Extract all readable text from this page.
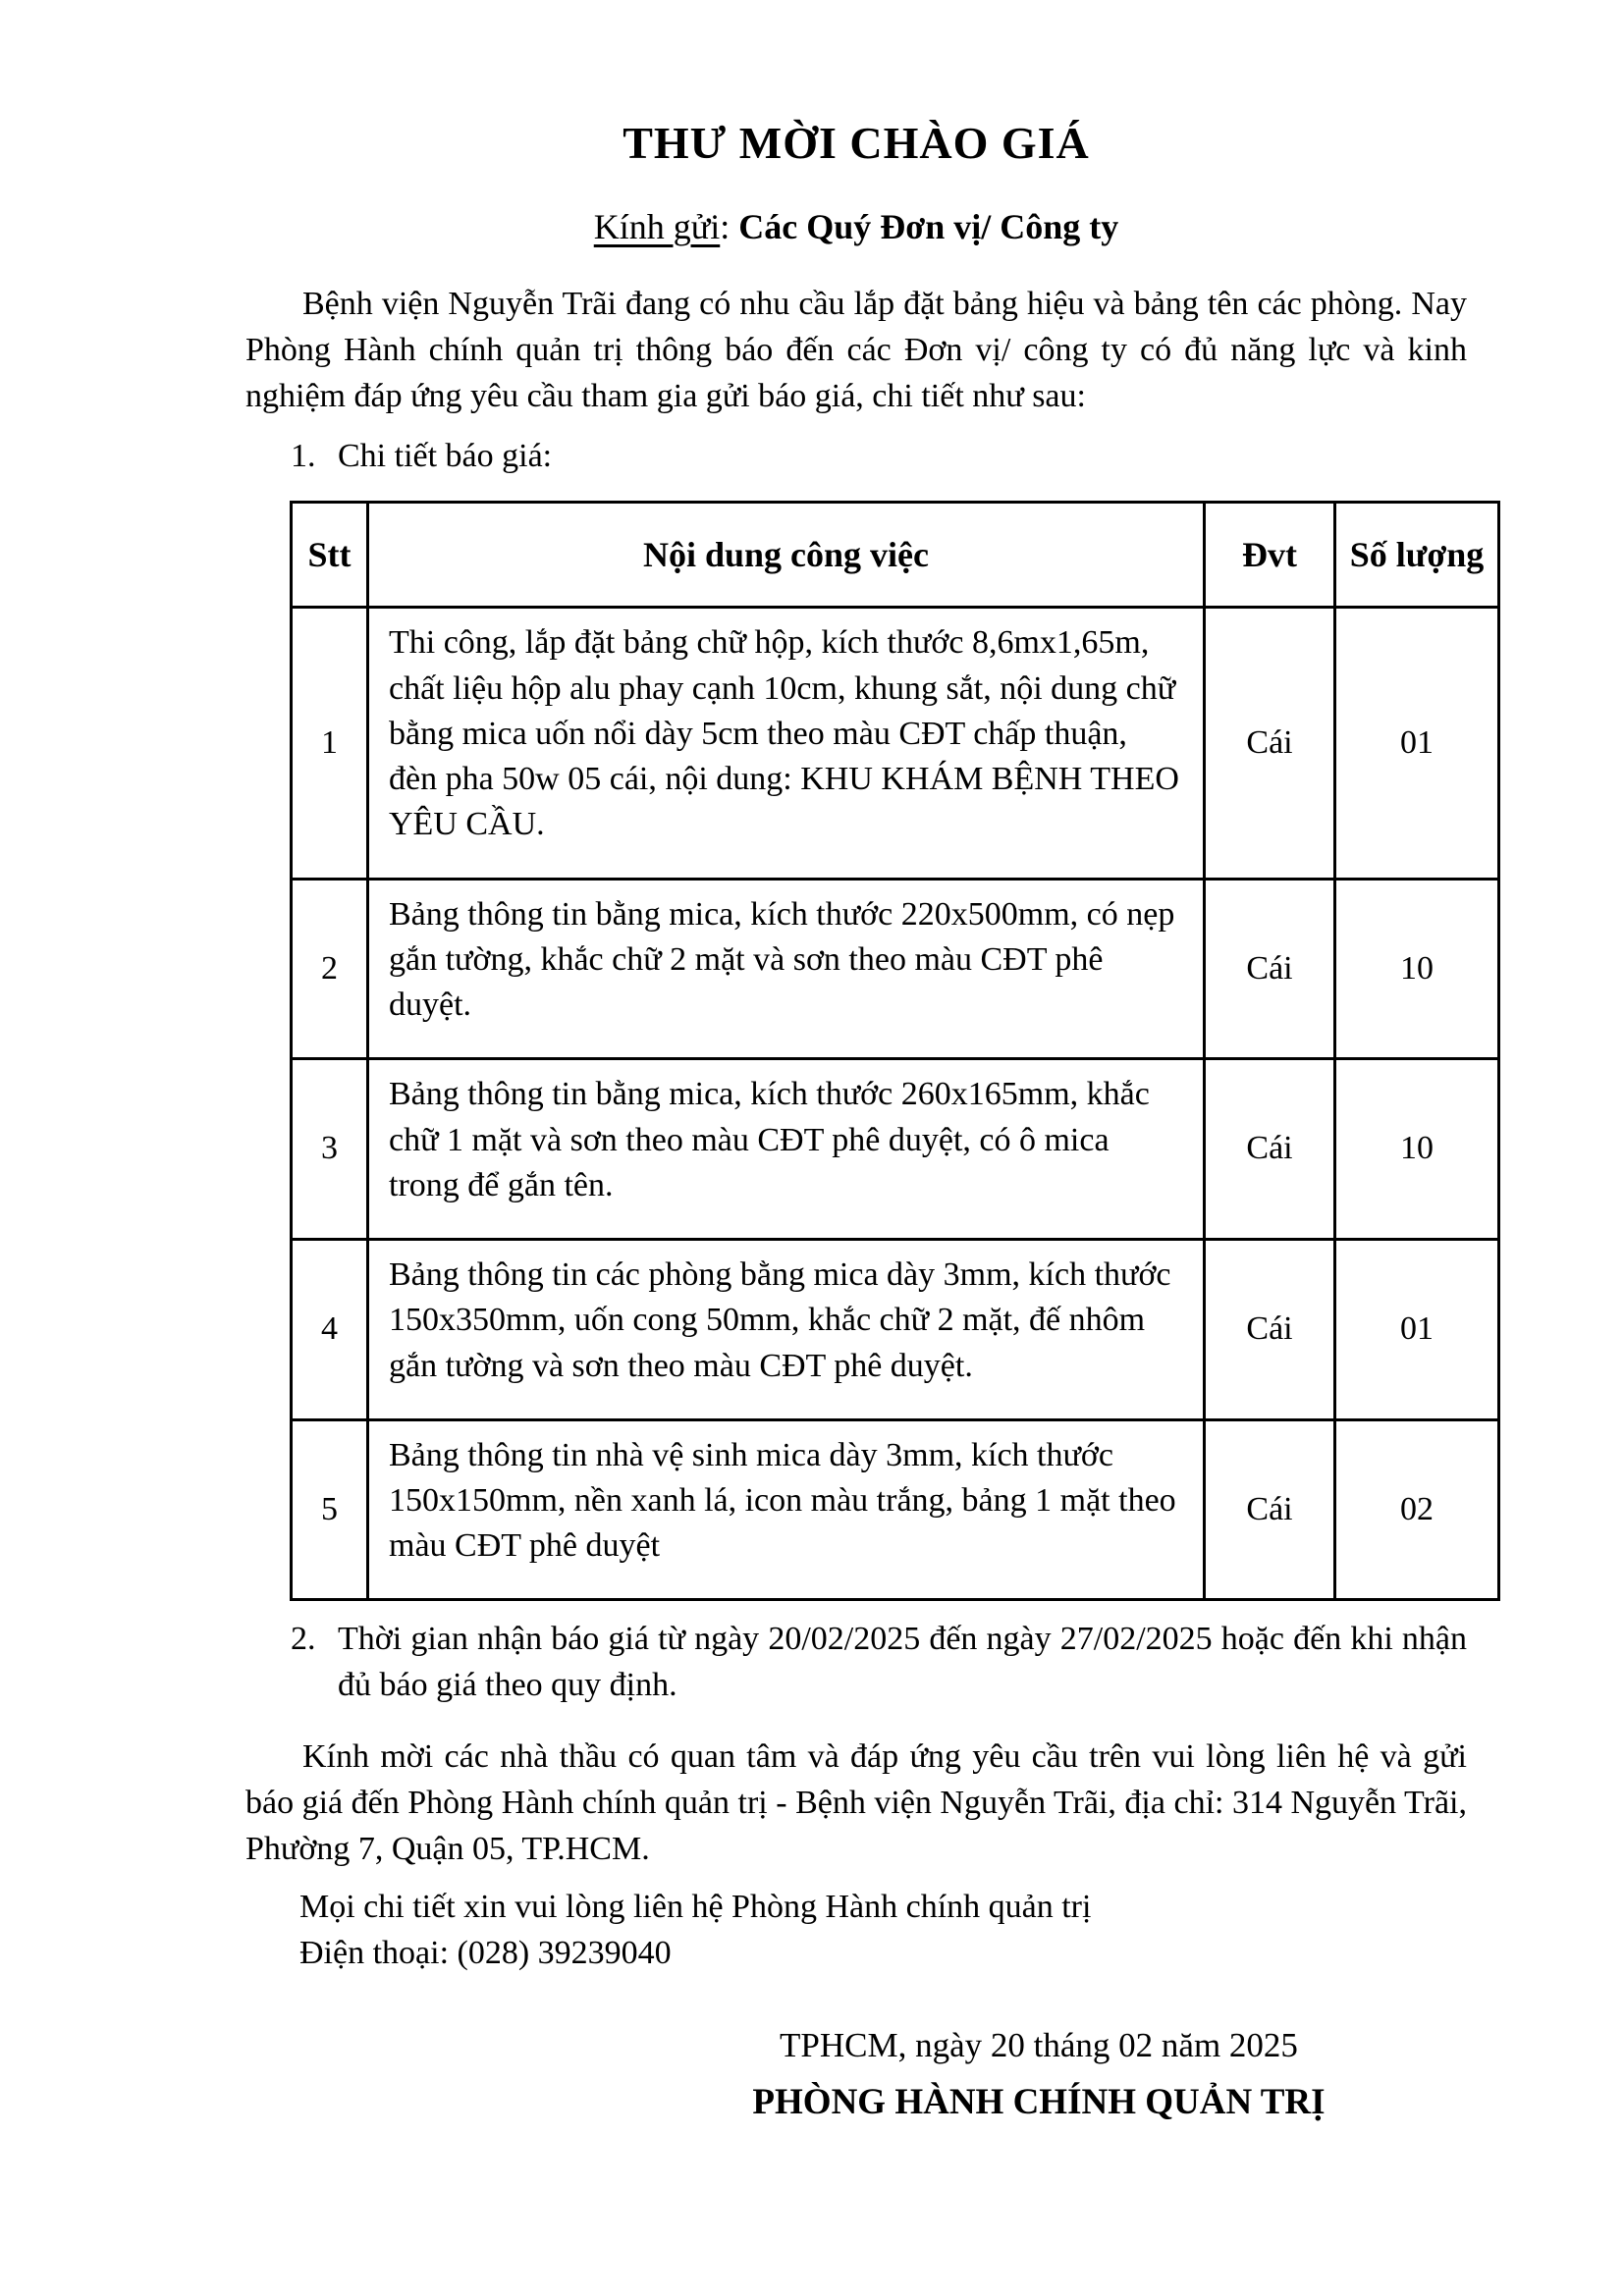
THƯ MỜI CHÀO GIÁ

Kính gửi: Các Quý Đơn vị/ Công ty

Bệnh viện Nguyễn Trãi đang có nhu cầu lắp đặt bảng hiệu và bảng tên các phòng. Nay Phòng Hành chính quản trị thông báo đến các Đơn vị/ công ty có đủ năng lực và kinh nghiệm đáp ứng yêu cầu tham gia gửi báo giá, chi tiết như sau:

1. Chi tiết báo giá:
Stt	Nội dung công việc	Đvt	Số lượng
1	Thi công, lắp đặt bảng chữ hộp, kích thước 8,6mx1,65m, chất liệu hộp alu phay cạnh 10cm, khung sắt, nội dung chữ bằng mica uốn nổi dày 5cm theo màu CĐT chấp thuận, đèn pha 50w 05 cái, nội dung: KHU KHÁM BỆNH THEO YÊU CẦU.	Cái	01
2	Bảng thông tin bằng mica, kích thước 220x500mm, có nẹp gắn tường, khắc chữ 2 mặt và sơn theo màu CĐT phê duyệt.	Cái	10
3	Bảng thông tin bằng mica, kích thước 260x165mm, khắc chữ 1 mặt và sơn theo màu CĐT phê duyệt, có ô mica trong để gắn tên.	Cái	10
4	Bảng thông tin các phòng bằng mica dày 3mm, kích thước 150x350mm, uốn cong 50mm, khắc chữ 2 mặt, đế nhôm gắn tường và sơn theo màu CĐT phê duyệt.	Cái	01
5	Bảng thông tin nhà vệ sinh mica dày 3mm, kích thước 150x150mm, nền xanh lá, icon màu trắng, bảng 1 mặt theo màu CĐT phê duyệt	Cái	02
2. Thời gian nhận báo giá từ ngày 20/02/2025 đến ngày 27/02/2025 hoặc đến khi nhận đủ báo giá theo quy định.

Kính mời các nhà thầu có quan tâm và đáp ứng yêu cầu trên vui lòng liên hệ và gửi báo giá đến Phòng Hành chính quản trị - Bệnh viện Nguyễn Trãi, địa chỉ: 314 Nguyễn Trãi, Phường 7, Quận 05, TP.HCM.

Mọi chi tiết xin vui lòng liên hệ Phòng Hành chính quản trị

Điện thoại: (028) 39239040

TPHCM, ngày 20 tháng 02 năm 2025

PHÒNG HÀNH CHÍNH QUẢN TRỊ
